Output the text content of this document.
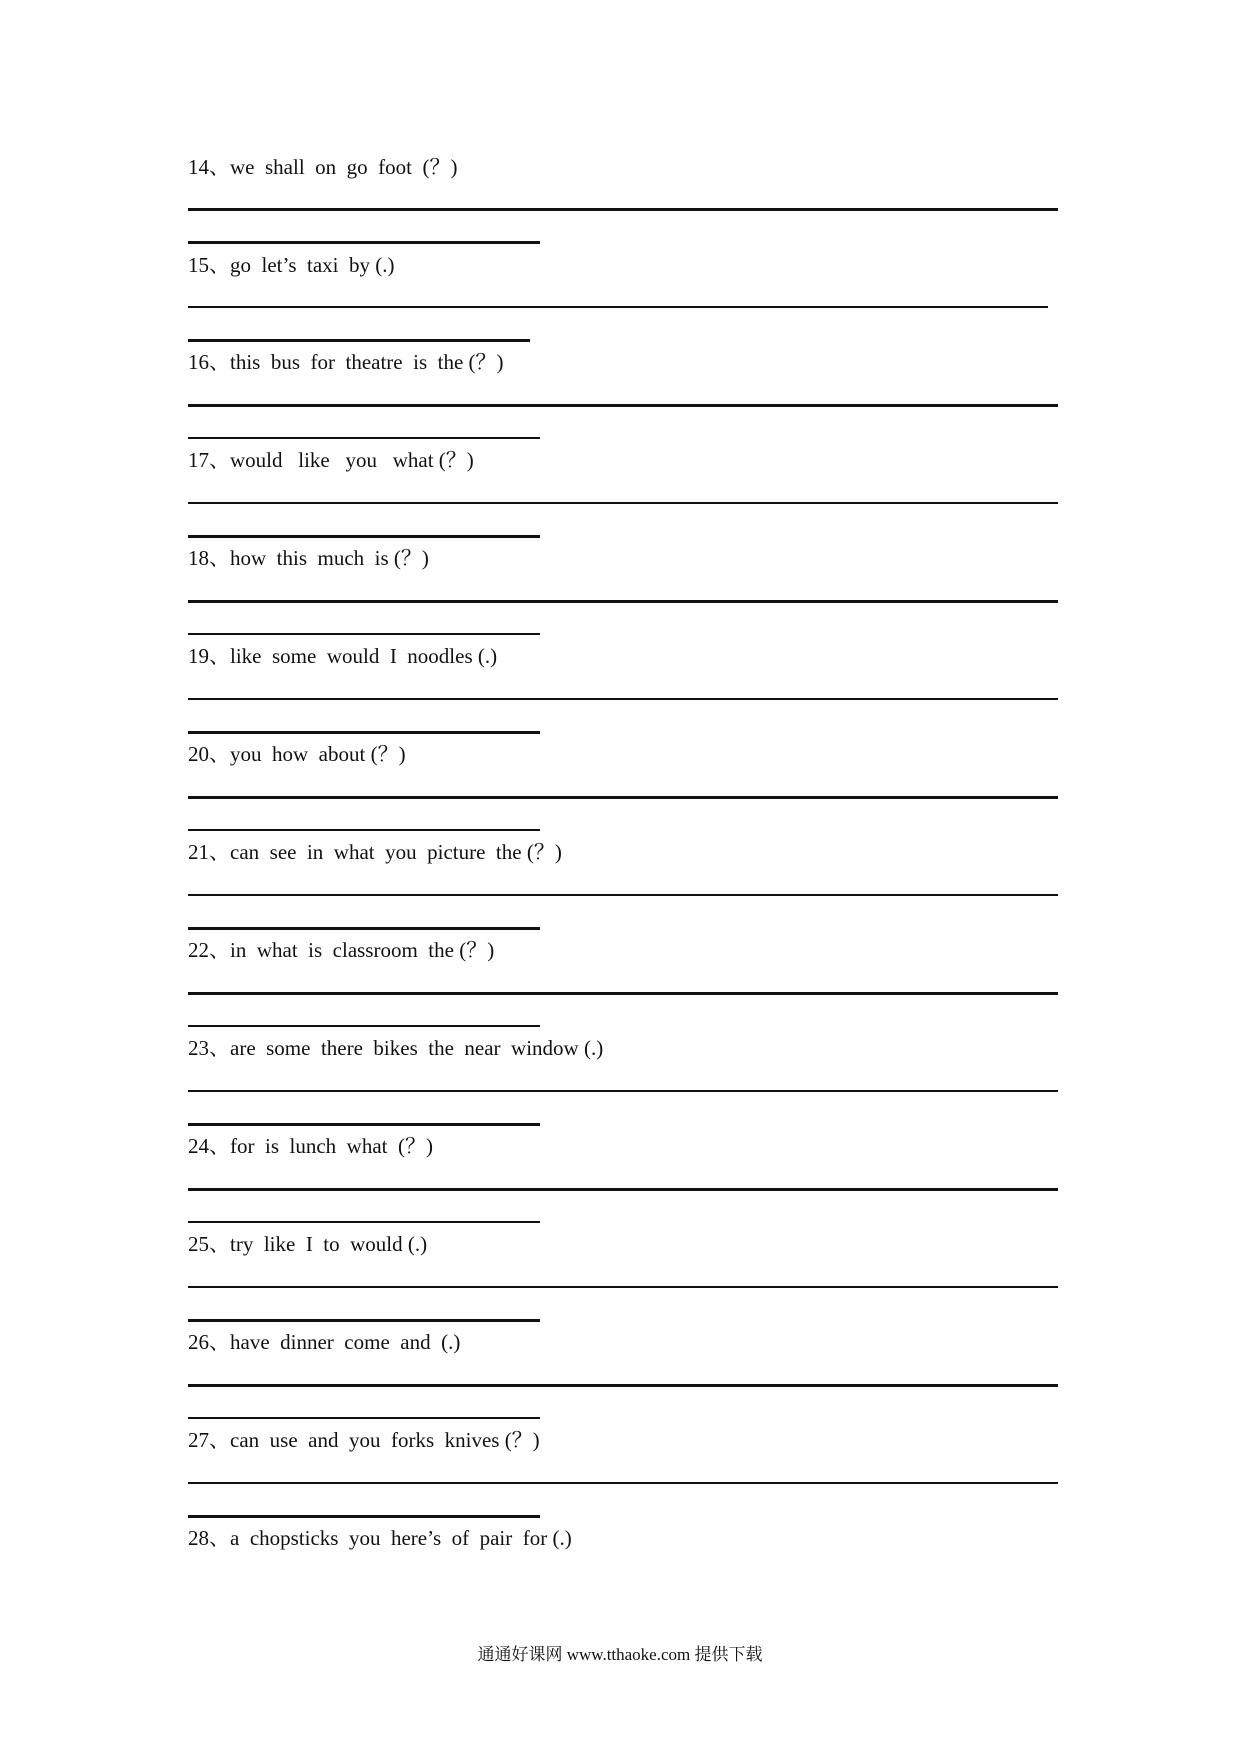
14、we  shall  on  go  foot  (？)
15、go  let’s  taxi  by (.)
16、this  bus  for  theatre  is  the (？)
17、would   like   you   what (？)
18、how  this  much  is (？)
19、like  some  would  I  noodles (.)
20、you  how  about (？)
21、can  see  in  what  you  picture  the (？)
22、in  what  is  classroom  the (？)
23、are  some  there  bikes  the  near  window (.)
24、for  is  lunch  what  (？)
25、try  like  I  to  would (.)
26、have  dinner  come  and  (.)
27、can  use  and  you  forks  knives (？)
28、a  chopsticks  you  here’s  of  pair  for (.)
通通好课网 www.tthaoke.com 提供下载
